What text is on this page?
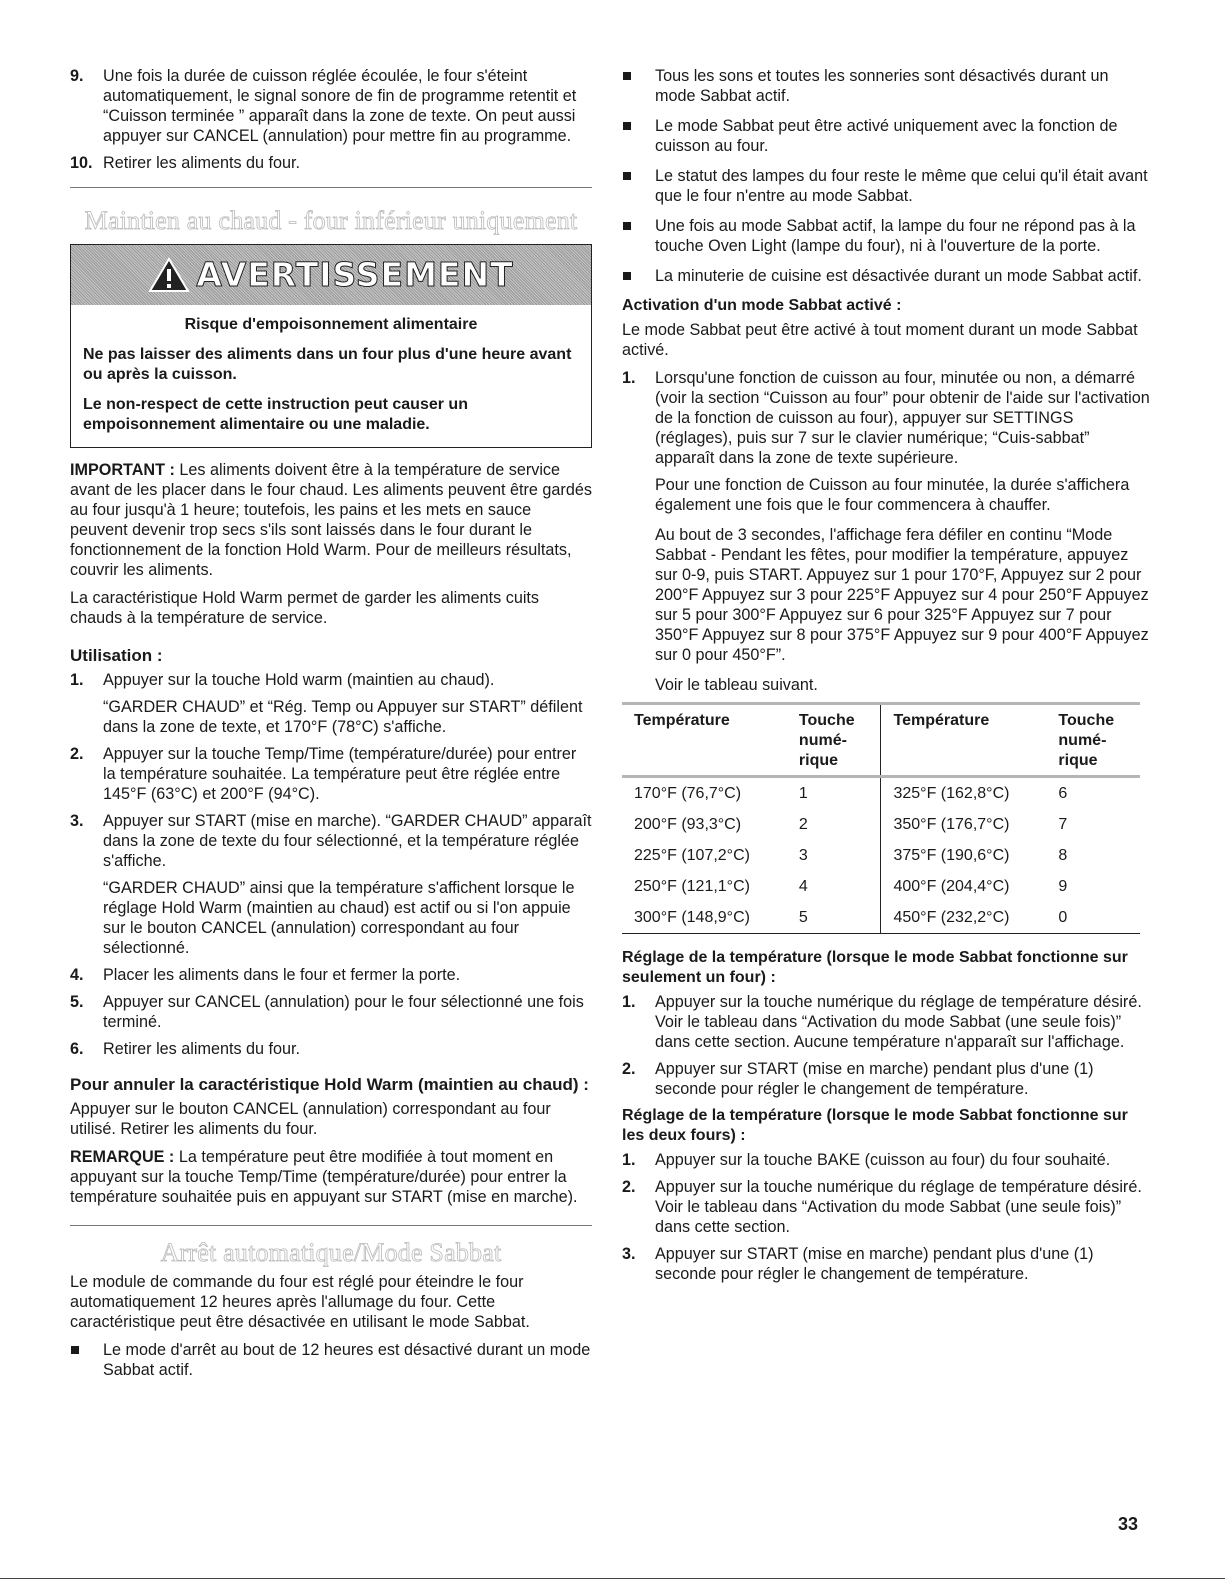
9. Une fois la durée de cuisson réglée écoulée, le four s'éteint automatiquement, le signal sonore de fin de programme retentit et “Cuisson terminée ” apparaît dans la zone de texte. On peut aussi appuyer sur CANCEL (annulation) pour mettre fin au programme.
10. Retirer les aliments du four.
Maintien au chaud - four inférieur uniquement
AVERTISSEMENT
Risque d'empoisonnement alimentaire

Ne pas laisser des aliments dans un four plus d'une heure avant ou après la cuisson.

Le non-respect de cette instruction peut causer un empoisonnement alimentaire ou une maladie.

IMPORTANT : Les aliments doivent être à la température de service avant de les placer dans le four chaud. Les aliments peuvent être gardés au four jusqu'à 1 heure; toutefois, les pains et les mets en sauce peuvent devenir trop secs s'ils sont laissés dans le four durant le fonctionnement de la fonction Hold Warm. Pour de meilleurs résultats, couvrir les aliments.

La caractéristique Hold Warm permet de garder les aliments cuits chauds à la température de service.

Utilisation :
1. Appuyer sur la touche Hold warm (maintien au chaud).
“GARDER CHAUD” et “Rég. Temp ou Appuyer sur START” défilent dans la zone de texte, et 170°F (78°C) s'affiche.
2. Appuyer sur la touche Temp/Time (température/durée) pour entrer la température souhaitée. La température peut être réglée entre 145°F (63°C) et 200°F (94°C).
3. Appuyer sur START (mise en marche). “GARDER CHAUD” apparaît dans la zone de texte du four sélectionné, et la température réglée s'affiche.
“GARDER CHAUD” ainsi que la température s'affichent lorsque le réglage Hold Warm (maintien au chaud) est actif ou si l'on appuie sur le bouton CANCEL (annulation) correspondant au four sélectionné.
4. Placer les aliments dans le four et fermer la porte.
5. Appuyer sur CANCEL (annulation) pour le four sélectionné une fois terminé.
6. Retirer les aliments du four.
Pour annuler la caractéristique Hold Warm (maintien au chaud) :

Appuyer sur le bouton CANCEL (annulation) correspondant au four utilisé. Retirer les aliments du four.

REMARQUE : La température peut être modifiée à tout moment en appuyant sur la touche Temp/Time (température/durée) pour entrer la température souhaitée puis en appuyant sur START (mise en marche).

Arrêt automatique/Mode Sabbat

Le module de commande du four est réglé pour éteindre le four automatiquement 12 heures après l'allumage du four. Cette caractéristique peut être désactivée en utilisant le mode Sabbat.

Le mode d'arrêt au bout de 12 heures est désactivé durant un mode Sabbat actif.
Tous les sons et toutes les sonneries sont désactivés durant un mode Sabbat actif.
Le mode Sabbat peut être activé uniquement avec la fonction de cuisson au four.
Le statut des lampes du four reste le même que celui qu'il était avant que le four n'entre au mode Sabbat.
Une fois au mode Sabbat actif, la lampe du four ne répond pas à la touche Oven Light (lampe du four), ni à l'ouverture de la porte.
La minuterie de cuisine est désactivée durant un mode Sabbat actif.
Activation d'un mode Sabbat activé :

Le mode Sabbat peut être activé à tout moment durant un mode Sabbat activé.

1. Lorsqu'une fonction de cuisson au four, minutée ou non, a démarré (voir la section “Cuisson au four” pour obtenir de l'aide sur l'activation de la fonction de cuisson au four), appuyer sur SETTINGS (réglages), puis sur 7 sur le clavier numérique; “Cuis-sabbat” apparaît dans la zone de texte supérieure.
Pour une fonction de Cuisson au four minutée, la durée s'affichera également une fois que le four commencera à chauffer.
Au bout de 3 secondes, l'affichage fera défiler en continu “Mode Sabbat - Pendant les fêtes, pour modifier la température, appuyez sur 0-9, puis START. Appuyez sur 1 pour 170°F, Appuyez sur 2 pour 200°F Appuyez sur 3 pour 225°F Appuyez sur 4 pour 250°F Appuyez sur 5 pour 300°F Appuyez sur 6 pour 325°F Appuyez sur 7 pour 350°F Appuyez sur 8 pour 375°F Appuyez sur 9 pour 400°F Appuyez sur 0 pour 450°F”.
Voir le tableau suivant.
Température	Touche numé- rique	Température	Touche numé- rique
170°F (76,7°C)	1	325°F (162,8°C)	6
200°F (93,3°C)	2	350°F (176,7°C)	7
225°F (107,2°C)	3	375°F (190,6°C)	8
250°F (121,1°C)	4	400°F (204,4°C)	9
300°F (148,9°C)	5	450°F (232,2°C)	0
Réglage de la température (lorsque le mode Sabbat fonctionne sur seulement un four) :
1. Appuyer sur la touche numérique du réglage de température désiré. Voir le tableau dans “Activation du mode Sabbat (une seule fois)” dans cette section. Aucune température n'apparaît sur l'affichage.
2. Appuyer sur START (mise en marche) pendant plus d'une (1) seconde pour régler le changement de température.
Réglage de la température (lorsque le mode Sabbat fonctionne sur les deux fours) :
1. Appuyer sur la touche BAKE (cuisson au four) du four souhaité.
2. Appuyer sur la touche numérique du réglage de température désiré. Voir le tableau dans “Activation du mode Sabbat (une seule fois)” dans cette section.
3. Appuyer sur START (mise en marche) pendant plus d'une (1) seconde pour régler le changement de température.
33
